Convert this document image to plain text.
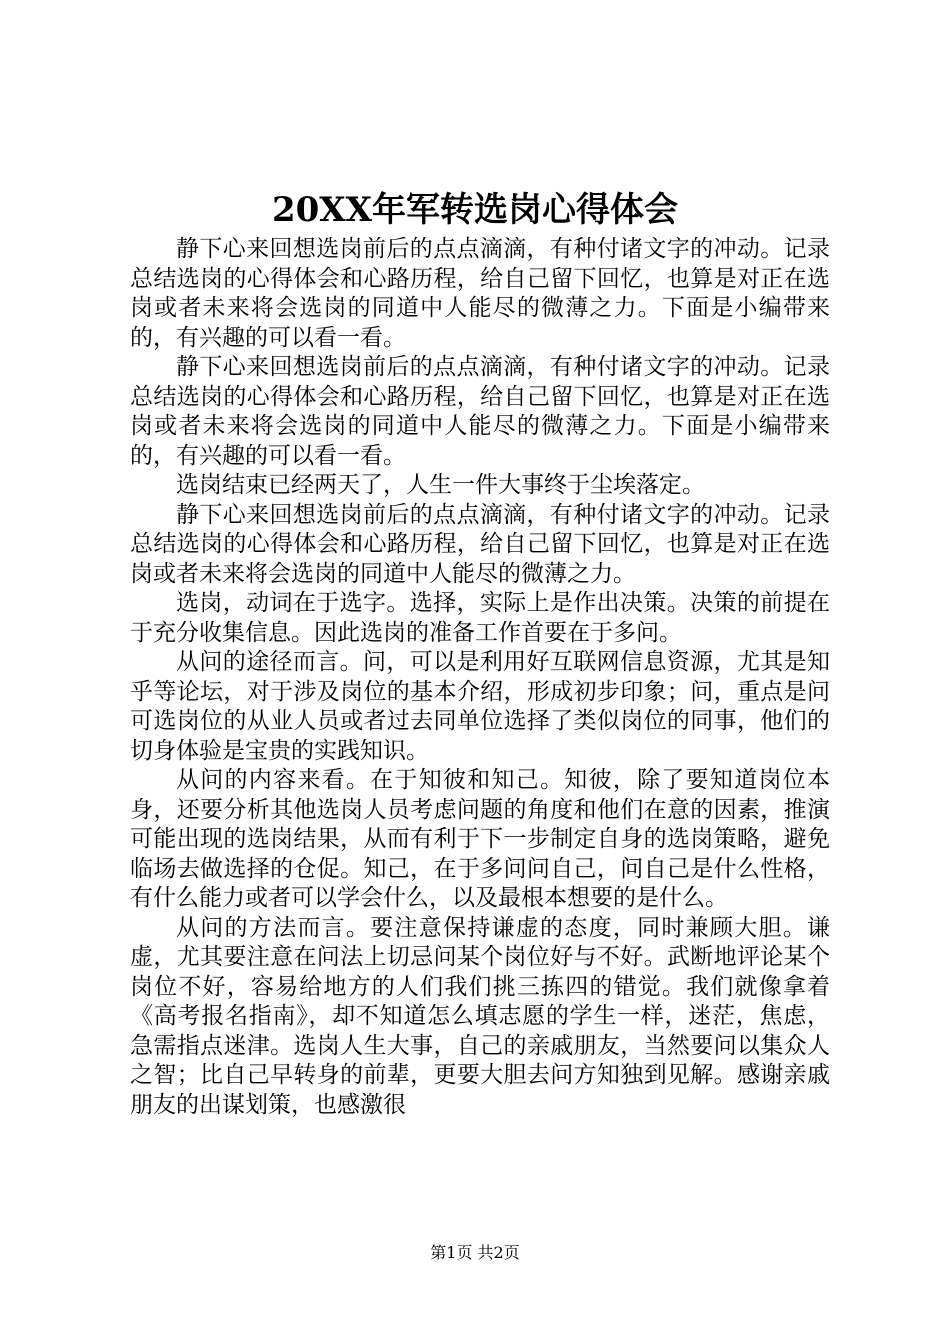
20XX年军转选岗心得体会

静下心来回想选岗前后的点点滴滴，有种付诸文字的冲动。记录总结选岗的心得体会和心路历程，给自己留下回忆，也算是对正在选岗或者未来将会选岗的同道中人能尽的微薄之力。下面是小编带来的，有兴趣的可以看一看。

静下心来回想选岗前后的点点滴滴，有种付诸文字的冲动。记录总结选岗的心得体会和心路历程，给自己留下回忆，也算是对正在选岗或者未来将会选岗的同道中人能尽的微薄之力。下面是小编带来的，有兴趣的可以看一看。

选岗结束已经两天了，人生一件大事终于尘埃落定。

静下心来回想选岗前后的点点滴滴，有种付诸文字的冲动。记录总结选岗的心得体会和心路历程，给自己留下回忆，也算是对正在选岗或者未来将会选岗的同道中人能尽的微薄之力。

选岗，动词在于选字。选择，实际上是作出决策。决策的前提在于充分收集信息。因此选岗的准备工作首要在于多问。

从问的途径而言。问，可以是利用好互联网信息资源，尤其是知乎等论坛，对于涉及岗位的基本介绍，形成初步印象；问，重点是问可选岗位的从业人员或者过去同单位选择了类似岗位的同事，他们的切身体验是宝贵的实践知识。

从问的内容来看。在于知彼和知己。知彼，除了要知道岗位本身，还要分析其他选岗人员考虑问题的角度和他们在意的因素，推演可能出现的选岗结果，从而有利于下一步制定自身的选岗策略，避免临场去做选择的仓促。知己，在于多问问自己，问自己是什么性格，有什么能力或者可以学会什么，以及最根本想要的是什么。

从问的方法而言。要注意保持谦虚的态度，同时兼顾大胆。谦虚，尤其要注意在问法上切忌问某个岗位好与不好。武断地评论某个岗位不好，容易给地方的人们我们挑三拣四的错觉。我们就像拿着《高考报名指南》，却不知道怎么填志愿的学生一样，迷茫，焦虑，急需指点迷津。选岗人生大事，自己的亲戚朋友，当然要问以集众人之智；比自己早转身的前辈，更要大胆去问方知独到见解。感谢亲戚朋友的出谋划策，也感激很

第1页 共2页
